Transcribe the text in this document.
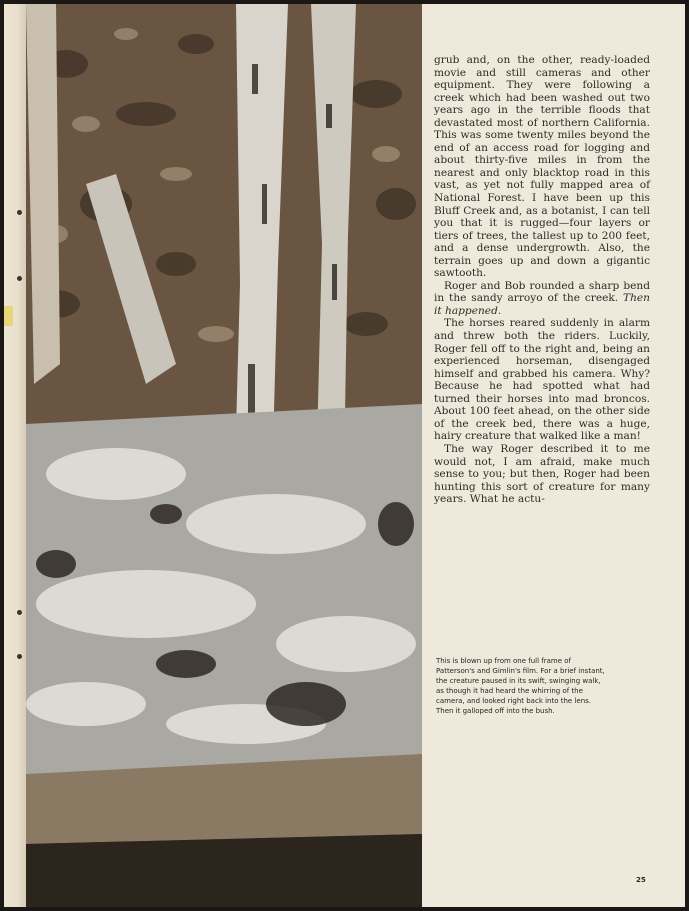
grub and, on the other, ready-loaded movie and still cameras and other equipment. They were following a creek which had been washed out two years ago in the terrible floods that devastated most of northern California. This was some twenty miles beyond the end of an access road for logging and about thirty-five miles in from the nearest and only blacktop road in this vast, as yet not fully mapped area of National Forest. I have been up this Bluff Creek and, as a botanist, I can tell you that it is rugged—four layers or tiers of trees, the tallest up to 200 feet, and a dense undergrowth. Also, the terrain goes up and down a gigantic sawtooth.

Roger and Bob rounded a sharp bend in the sandy arroyo of the creek. Then it happened.

The horses reared suddenly in alarm and threw both the riders. Luckily, Roger fell off to the right and, being an experienced horseman, disengaged himself and grabbed his camera. Why? Because he had spotted what had turned their horses into mad broncos. About 100 feet ahead, on the other side of the creek bed, there was a huge, hairy creature that walked like a man!

The way Roger described it to me would not, I am afraid, make much sense to you; but then, Roger had been hunting this sort of creature for many years. What he actu-

This is blown up from one full frame of Patterson's and Gimlin's film. For a brief instant, the creature paused in its swift, swinging walk, as though it had heard the whirring of the camera, and looked right back into the lens. Then it galloped off into the bush.
25
